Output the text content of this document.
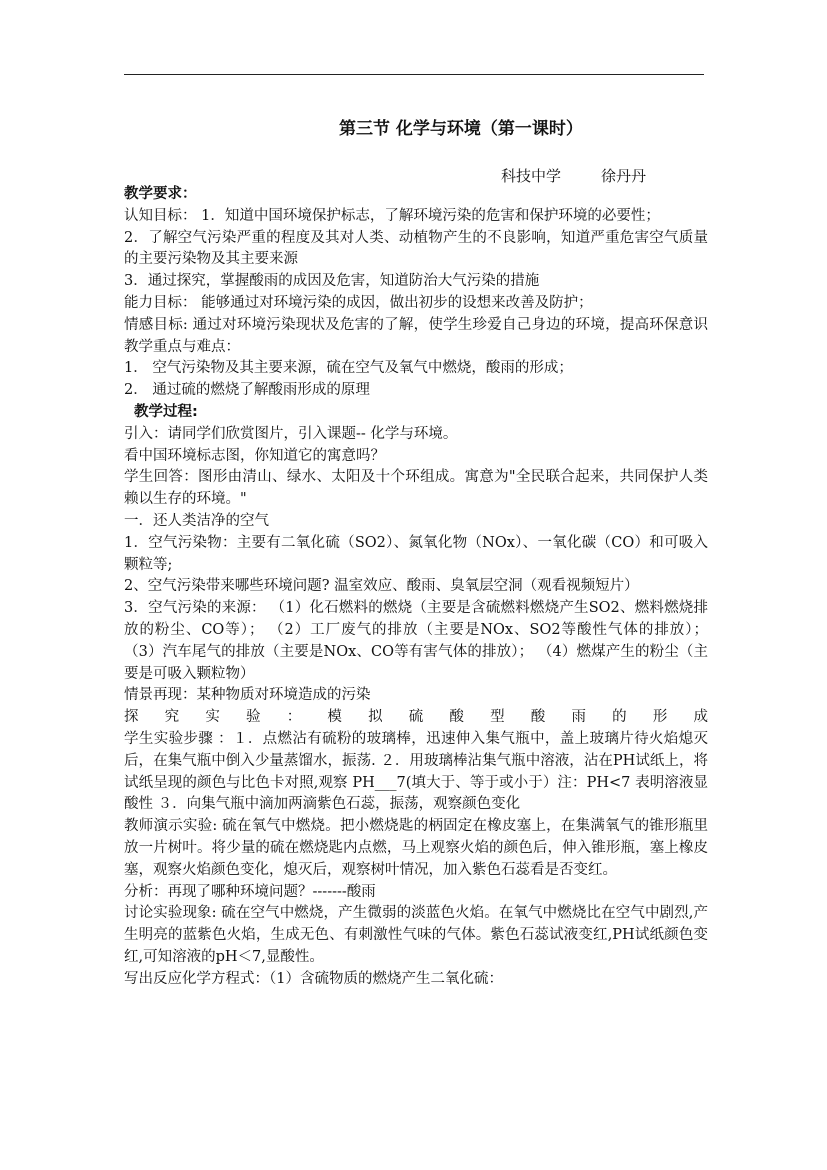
第三节 化学与环境（第一课时）
科技中学	徐丹丹

教学要求：

认知目标： 1．知道中国环境保护标志，了解环境污染的危害和保护环境的必要性；

2．了解空气污染严重的程度及其对人类、动植物产生的不良影响，知道严重危害空气质量的主要污染物及其主要来源

3．通过探究，掌握酸雨的成因及危害，知道防治大气污染的措施

能力目标： 能够通过对环境污染的成因，做出初步的设想来改善及防护；

情感目标: 通过对环境污染现状及危害的了解，使学生珍爱自己身边的环境，提高环保意识 教学重点与难点：

1． 空气污染物及其主要来源，硫在空气及氧气中燃烧，酸雨的形成；

2． 通过硫的燃烧了解酸雨形成的原理

教学过程:

引入：请同学们欣赏图片，引入课题-- 化学与环境。

看中国环境标志图，你知道它的寓意吗？

学生回答：图形由清山、绿水、太阳及十个环组成。寓意为"全民联合起来，共同保护人类赖以生存的环境。"

一．还人类洁净的空气

1．空气污染物：主要有二氧化硫（SO2）、氮氧化物（NOx）、一氧化碳（CO）和可吸入颗粒等;

2、空气污染带来哪些环境问题? 温室效应、酸雨、臭氧层空洞（观看视频短片）

3．空气污染的来源： （1）化石燃料的燃烧（主要是含硫燃料燃烧产生SO2、燃料燃烧排放的粉尘、CO等）； （2）工厂废气的排放（主要是NOx、SO2等酸性气体的排放）； （3）汽车尾气的排放（主要是NOx、CO等有害气体的排放）； （4）燃煤产生的粉尘（主要是可吸入颗粒物）

情景再现：某种物质对环境造成的污染

探 究 实 验 ： 模 拟 硫 酸 型 酸 雨 的 形 成

学生实验步骤 ：１．点燃沾有硫粉的玻璃棒，迅速伸入集气瓶中，盖上玻璃片待火焰熄灭后，在集气瓶中倒入少量蒸馏水，振荡. ２．用玻璃棒沾集气瓶中溶液，沾在PH试纸上，将试纸呈现的颜色与比色卡对照,观察 PH___7(填大于、等于或小于）注：PH<7 表明溶液显酸性 ３．向集气瓶中滴加两滴紫色石蕊，振荡，观察颜色变化

教师演示实验: 硫在氧气中燃烧。把小燃烧匙的柄固定在橡皮塞上，在集满氧气的锥形瓶里放一片树叶。将少量的硫在燃烧匙内点燃，马上观察火焰的颜色后，伸入锥形瓶，塞上橡皮塞，观察火焰颜色变化，熄灭后，观察树叶情况，加入紫色石蕊看是否变红。

分析：再现了哪种环境问题？-------酸雨

讨论实验现象: 硫在空气中燃烧，产生微弱的淡蓝色火焰。在氧气中燃烧比在空气中剧烈,产生明亮的蓝紫色火焰，生成无色、有刺激性气味的气体。紫色石蕊试液变红,PH试纸颜色变红,可知溶液的pH＜7,显酸性。

写出反应化学方程式：（1）含硫物质的燃烧产生二氧化硫：
